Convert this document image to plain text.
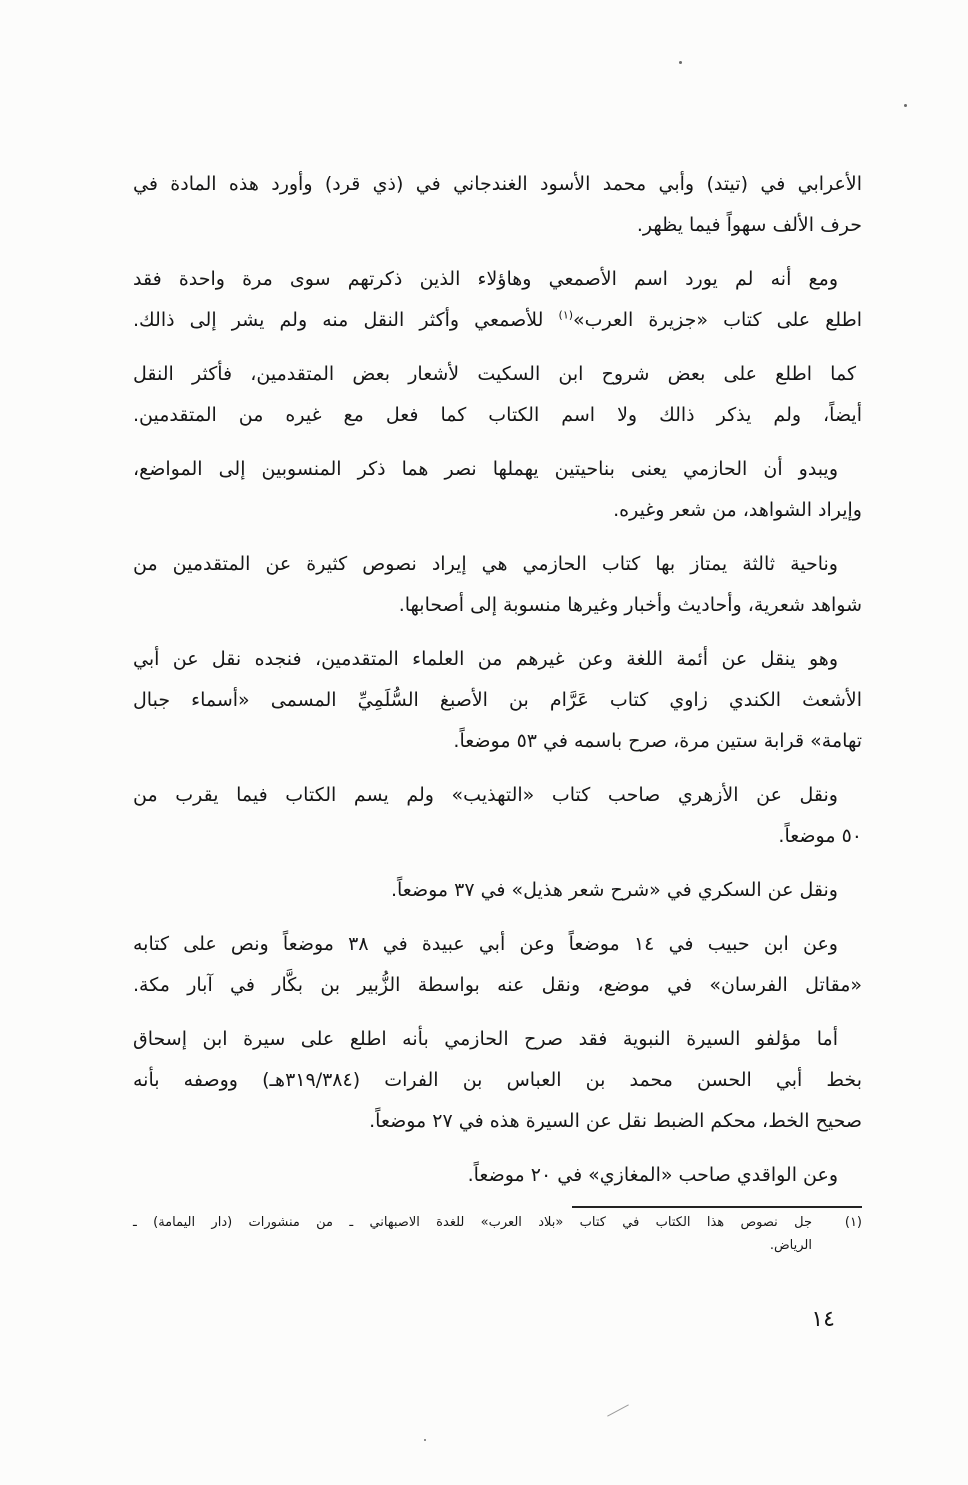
الأعرابي في (تيتد) وأبي محمد الأسود الغندجاني في (ذي قرد) وأورد هذه المادة في
حرف الألف سهواً فيما يظهر.
ومع أنه لم يورد اسم الأصمعي وهاؤلاء الذين ذكرتهم سوى مرة واحدة فقد
اطلع على كتاب «جزيرة العرب»$^{(١)}$ للأصمعي وأكثر النقل منه ولم يشر إلى ذالك.
كما اطلع على بعض شروح ابن السكيت لأشعار بعض المتقدمين، فأكثر النقل
أيضاً، ولم يذكر ذالك ولا اسم الكتاب كما فعل مع غيره من المتقدمين.
ويبدو أن الحازمي يعنى بناحيتين يهملها نصر هما ذكر المنسوبين إلى المواضع،
وإيراد الشواهد، من شعر وغيره.
وناحية ثالثة يمتاز بها كتاب الحازمي هي إيراد نصوص كثيرة عن المتقدمين من
شواهد شعرية، وأحاديث وأخبار وغيرها منسوبة إلى أصحابها.
وهو ينقل عن أئمة اللغة وعن غيرهم من العلماء المتقدمين، فنجده نقل عن أبي
الأشعث الكندي زاوي كتاب عَرَّام بن الأصبغ السُّلَمِيِّ المسمى «أسماء جبال
تهامة» قرابة ستين مرة، صرح باسمه في ٥٣ موضعاً.
ونقل عن الأزهري صاحب كتاب «التهذيب» ولم يسم الكتاب فيما يقرب من
٥٠ موضعاً.
ونقل عن السكري في «شرح شعر هذيل» في ٣٧ موضعاً.
وعن ابن حبيب في ١٤ موضعاً وعن أبي عبيدة في ٣٨ موضعاً ونص على كتابه
«مقاتل الفرسان» في موضع، ونقل عنه بواسطة الزُّبير بن بكَّار في آبار مكة.
أما مؤلفو السيرة النبوية فقد صرح الحازمي بأنه اطلع على سيرة ابن إسحاق
بخط أبي الحسن محمد بن العباس بن الفرات (٣١٩/٣٨٤هـ) ووصفه بأنه
صحيح الخط، محكم الضبط نقل عن السيرة هذه في ٢٧ موضعاً.
وعن الواقدي صاحب «المغازي» في ٢٠ موضعاً.
(١)
جل نصوص هذا الكتاب في كتاب «بلاد العرب» للغدة الاصبهاني ـ من منشورات (دار اليمامة) ـ
الرياض.
١٤
